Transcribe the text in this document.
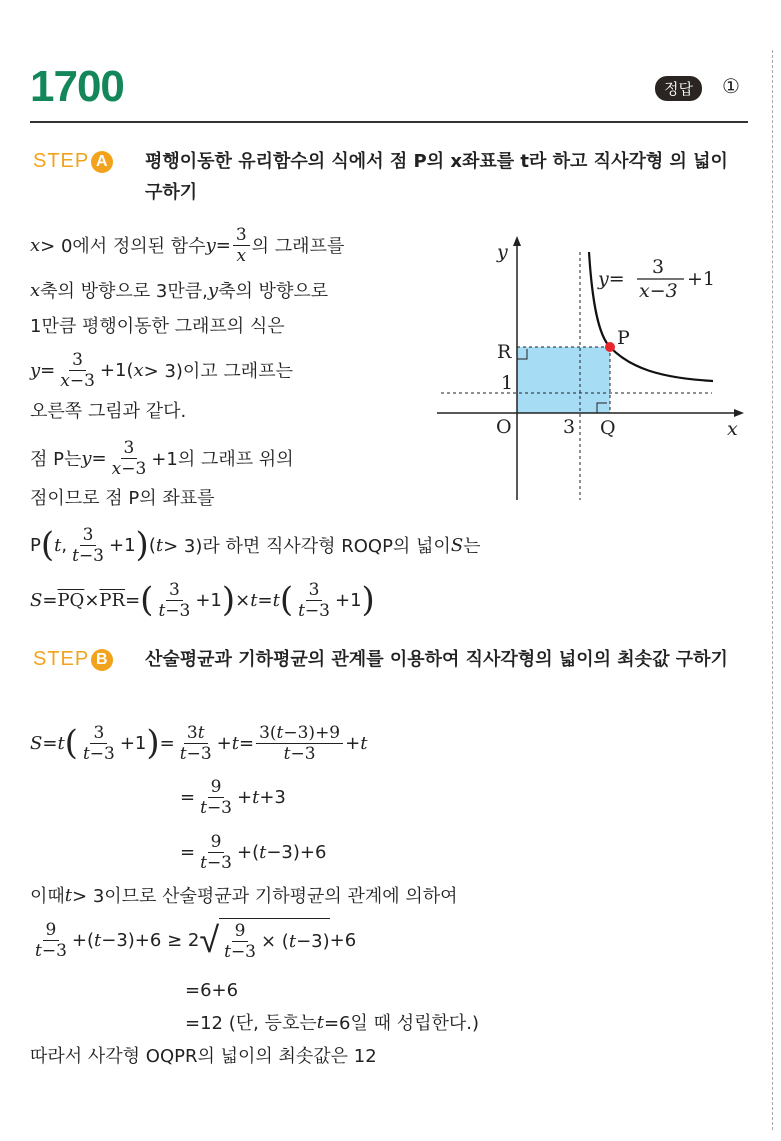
1700	정답	①
STEP A 평행이동한 유리함수의 식에서 점 P의 x좌표를 t라 하고 직사각형 의 넓이 구하기
y
x
O
R
1
3 Q
P
y=
3
x−3
+1
x > 0에서 정의된 함수 $y = \frac{3}{x}$ 의 그래프를
x 축의 방향으로 3만큼, y 축의 방향으로
1만큼 평행이동한 그래프의 식은
$y = \frac{3}{x-3} +1$( x > 3)이고 그래프는
오른쪽 그림과 같다.
점 P는 $y = \frac{3}{x-3} +1$의 그래프 위의
점이므로 점 P의 좌표를
P ( t , $\frac{3}{t-3} +1$ ) ( t > 3)라 하면 직사각형 ROQP의 넓이 S 는
$S = \overline{PQ} \times \overline{PR}$ = ( $\frac{3}{t-3} +1$ ) × t = t ( $\frac{3}{t-3} +1$ )
STEP B 산술평균과 기하평균의 관계를 이용하여 직사각형의 넓이의 최솟값 구하기
S = t ( $\frac{3}{t-3} +1$ ) = $\frac{3t}{t-3} + t = \frac{3(t-3)+9}{t-3} + t$
= $\frac{9}{t-3} + t +3$
= $\frac{9}{t-3}$ +( t −3)+6
이때 t > 3이므로 산술평균과 기하평균의 관계에 의하여
$\frac{9}{t-3}$ +( t −3)+6 ≥ 2 √ $\frac{9}{t-3}$ × ( t −3) +6
=6+6
=12 (단, 등호는 t =6일 때 성립한다.)
따라서 사각형 OQPR의 넓이의 최솟값은 12
